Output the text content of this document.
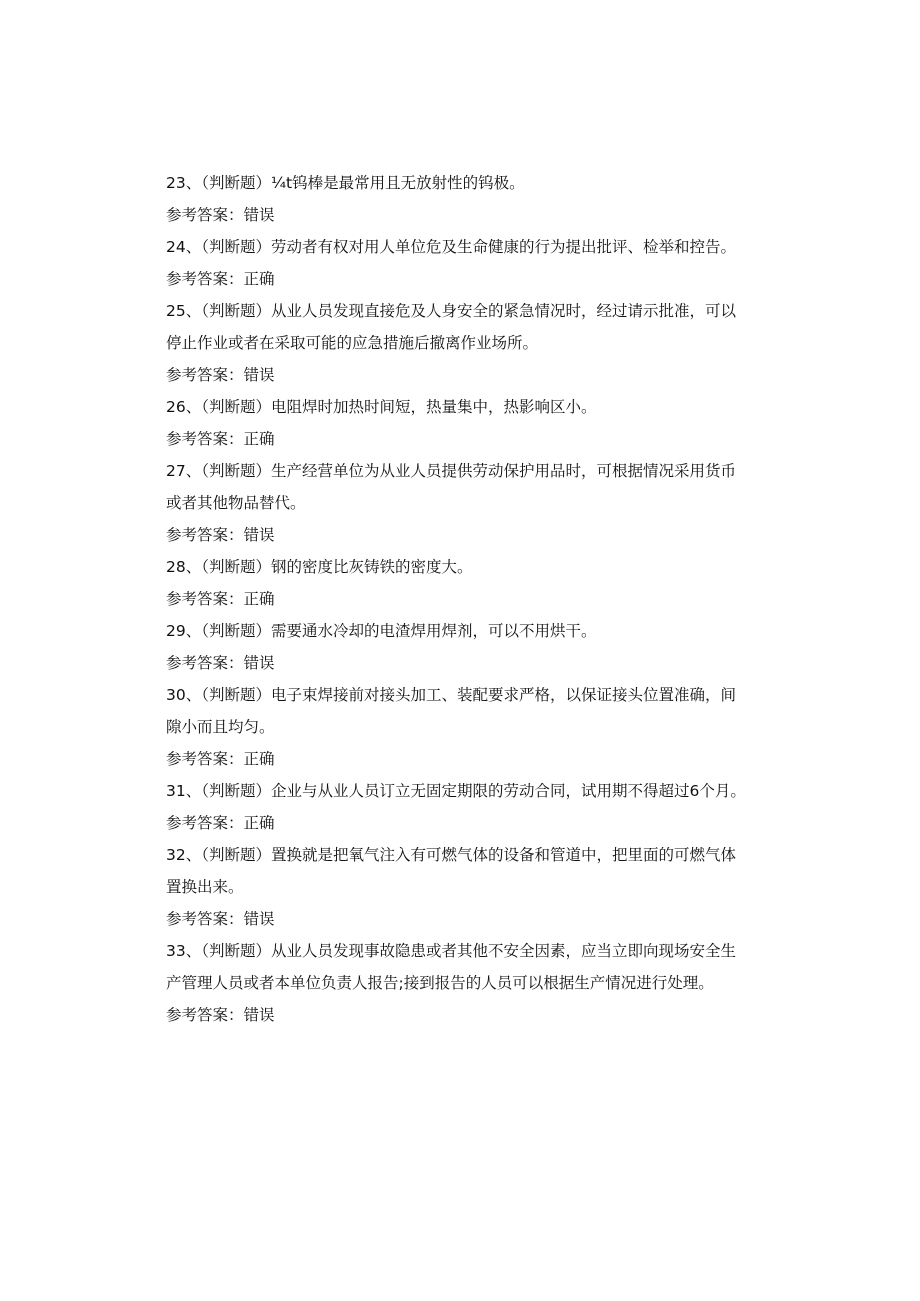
23、（判断题）¼t钨棒是最常用且无放射性的钨极。

参考答案：错误

24、（判断题）劳动者有权对用人单位危及生命健康的行为提出批评、检举和控告。

参考答案：正确

25、（判断题）从业人员发现直接危及人身安全的紧急情况时，经过请示批准，可以停止作业或者在采取可能的应急措施后撤离作业场所。

参考答案：错误

26、（判断题）电阻焊时加热时间短，热量集中，热影响区小。

参考答案：正确

27、（判断题）生产经营单位为从业人员提供劳动保护用品时，可根据情况采用货币或者其他物品替代。

参考答案：错误

28、（判断题）钢的密度比灰铸铁的密度大。

参考答案：正确

29、（判断题）需要通水冷却的电渣焊用焊剂，可以不用烘干。

参考答案：错误

30、（判断题）电子束焊接前对接头加工、装配要求严格，以保证接头位置准确，间隙小而且均匀。

参考答案：正确

31、（判断题）企业与从业人员订立无固定期限的劳动合同，试用期不得超过6个月。

参考答案：正确

32、（判断题）置换就是把氧气注入有可燃气体的设备和管道中，把里面的可燃气体置换出来。

参考答案：错误

33、（判断题）从业人员发现事故隐患或者其他不安全因素，应当立即向现场安全生产管理人员或者本单位负责人报告;接到报告的人员可以根据生产情况进行处理。

参考答案：错误
